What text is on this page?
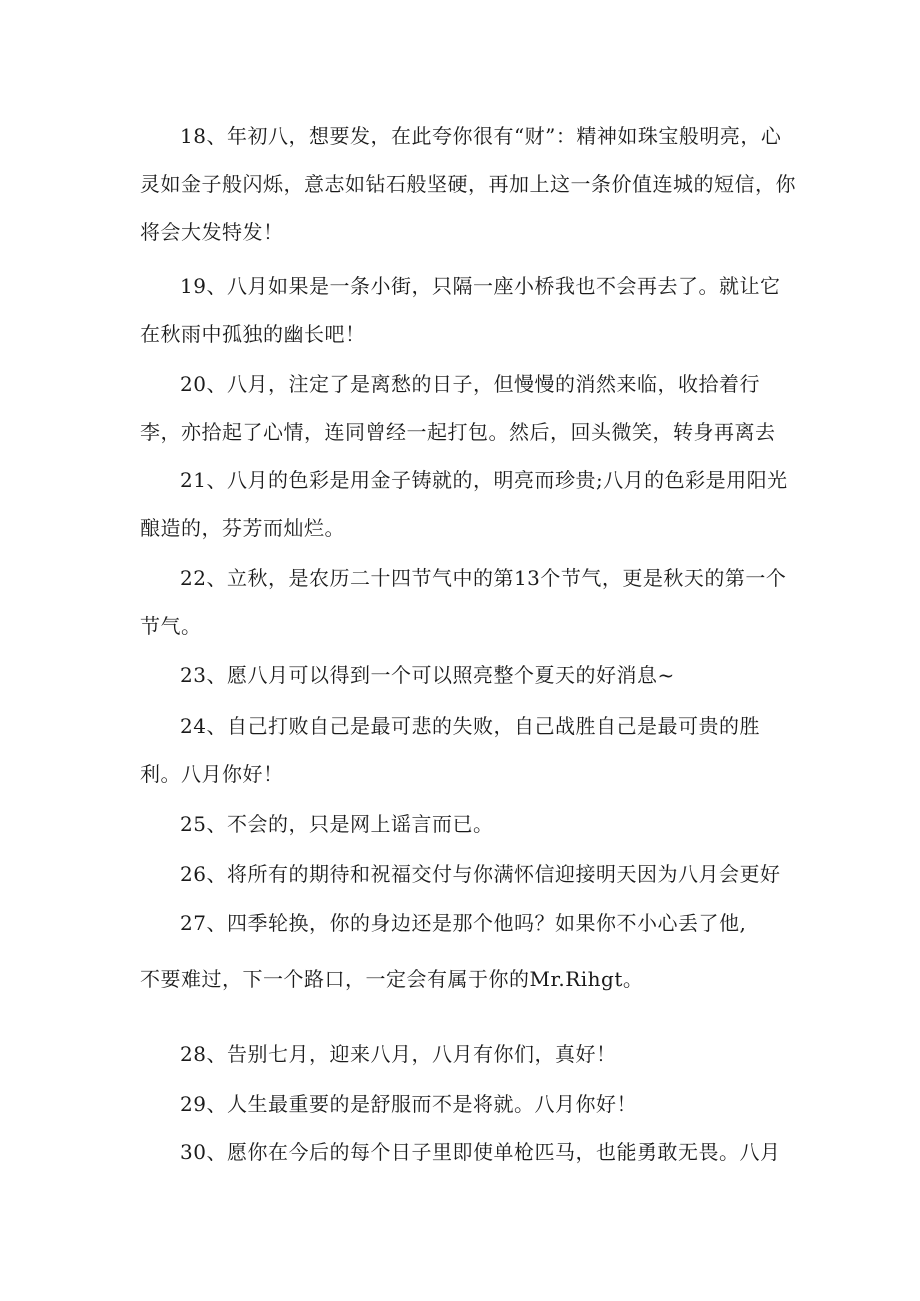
18、年初八，想要发，在此夸你很有“财”：精神如珠宝般明亮，心灵如金子般闪烁，意志如钻石般坚硬，再加上这一条价值连城的短信，你将会大发特发！

19、八月如果是一条小街，只隔一座小桥我也不会再去了。就让它在秋雨中孤独的幽长吧！

20、八月，注定了是离愁的日子，但慢慢的消然来临，收拾着行李，亦拾起了心情，连同曾经一起打包。然后，回头微笑，转身再离去

21、八月的色彩是用金子铸就的，明亮而珍贵;八月的色彩是用阳光酿造的，芬芳而灿烂。

22、立秋，是农历二十四节气中的第13个节气，更是秋天的第一个节气。

23、愿八月可以得到一个可以照亮整个夏天的好消息~

24、自己打败自己是最可悲的失败，自己战胜自己是最可贵的胜利。八月你好！

25、不会的，只是网上谣言而已。

26、将所有的期待和祝福交付与你满怀信迎接明天因为八月会更好

27、四季轮换，你的身边还是那个他吗？如果你不小心丢了他,

不要难过，下一个路口，一定会有属于你的Mr.Rihgt。

28、告别七月，迎来八月，八月有你们，真好！

29、人生最重要的是舒服而不是将就。八月你好！

30、愿你在今后的每个日子里即使单枪匹马，也能勇敢无畏。八月
